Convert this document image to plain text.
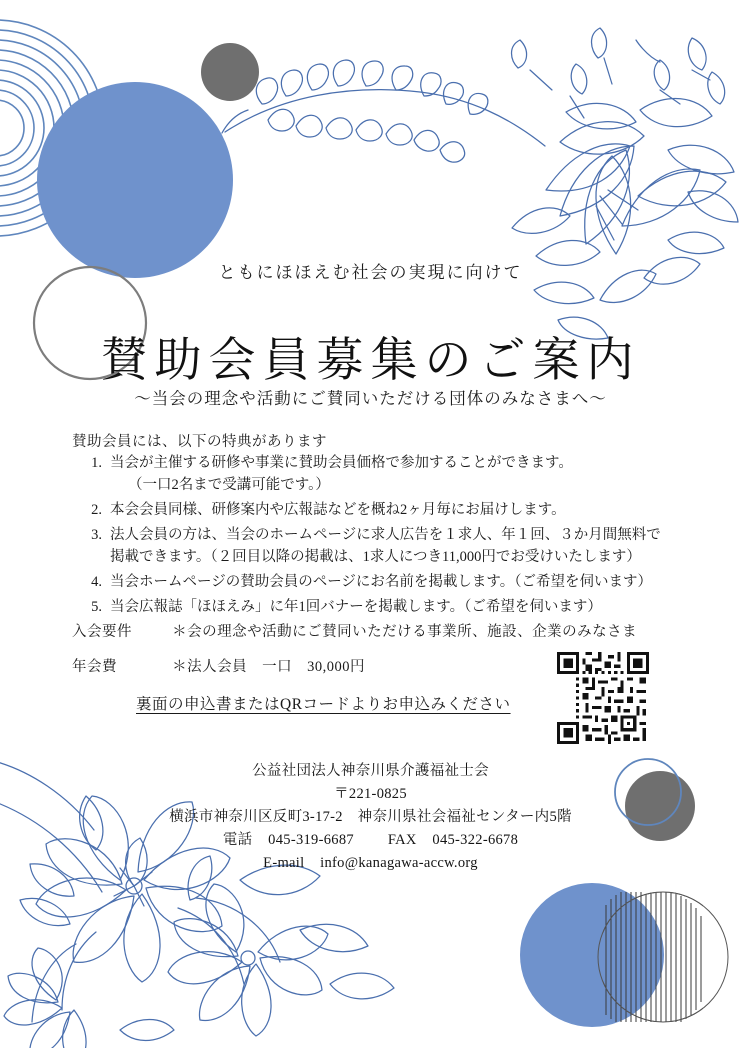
ともにほほえむ社会の実現に向けて
賛助会員募集のご案内
～当会の理念や活動にご賛同いただける団体のみなさまへ～
賛助会員には、以下の特典があります
1. 当会が主催する研修や事業に賛助会員価格で参加することができます。
（一口2名まで受講可能です。）
2. 本会会員同様、研修案内や広報誌などを概ね2ヶ月毎にお届けします。
3. 法人会員の方は、当会のホームページに求人広告を１求人、年１回、３か月間無料で
掲載できます。（２回目以降の掲載は、1求人につき11,000円でお受けいたします）
4. 当会ホームページの賛助会員のページにお名前を掲載します。（ご希望を伺います）
5. 当会広報誌「ほほえみ」に年1回バナーを掲載します。（ご希望を伺います）
入会要件	＊会の理念や活動にご賛同いただける事業所、施設、企業のみなさま
年会費	＊法人会員　一口　30,000円
裏面の申込書またはQRコードよりお申込みください
公益社団法人神奈川県介護福祉士会
〒221-0825
横浜市神奈川区反町3-17-2　神奈川県社会福祉センター内5階
電話 045-319-6687 FAX 045-322-6678
E-mail info@kanagawa-accw.org
